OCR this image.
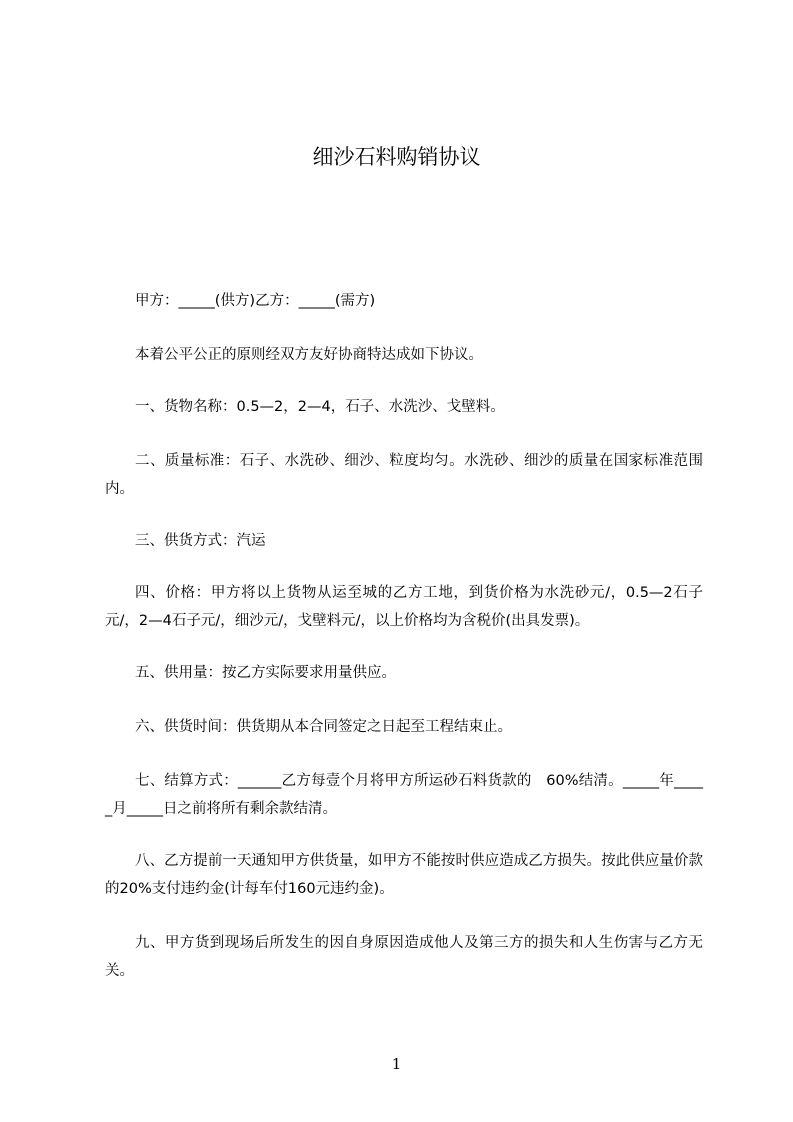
细沙石料购销协议

甲方：_____(供方)乙方：_____(需方)

本着公平公正的原则经双方友好协商特达成如下协议。

一、货物名称：0.5—2，2—4，石子、水洗沙、戈壁料。

二、质量标准：石子、水洗砂、细沙、粒度均匀。水洗砂、细沙的质量在国家标准范围内。

三、供货方式：汽运

四、价格：甲方将以上货物从运至城的乙方工地，到货价格为水洗砂元/，0.5—2石子元/，2—4石子元/，细沙元/，戈壁料元/，以上价格均为含税价(出具发票)。

五、供用量：按乙方实际要求用量供应。

六、供货时间：供货期从本合同签定之日起至工程结束止。

七、结算方式：______乙方每壹个月将甲方所运砂石料货款的　60%结清。_____年_____月_____日之前将所有剩余款结清。

八、乙方提前一天通知甲方供货量，如甲方不能按时供应造成乙方损失。按此供应量价款的20%支付违约金(计每车付160元违约金)。

九、甲方货到现场后所发生的因自身原因造成他人及第三方的损失和人生伤害与乙方无关。

1
